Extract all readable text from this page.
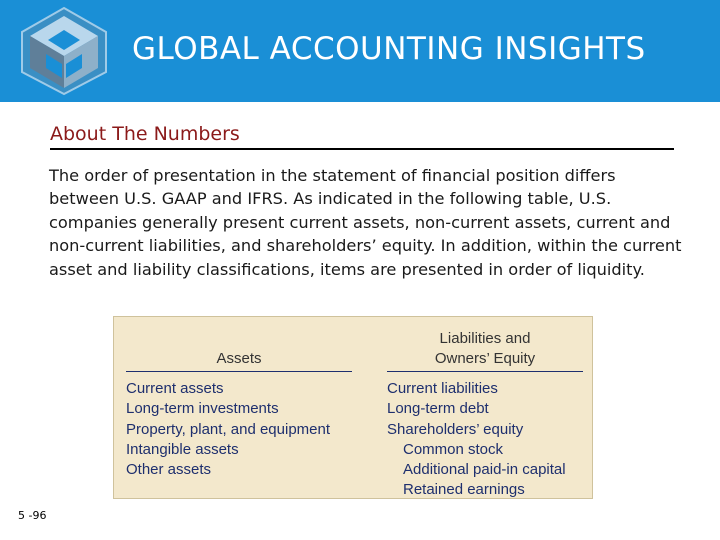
GLOBAL ACCOUNTING INSIGHTS
About The Numbers
The order of presentation in the statement of financial position differs between U.S. GAAP and IFRS. As indicated in the following table, U.S. companies generally present current assets, non-current assets, current and non-current liabilities, and shareholders’ equity. In addition, within the current asset and liability classifications, items are presented in order of liquidity.
Assets
Current assets
Long-term investments
Property, plant, and equipment
Intangible assets
Other assets
Liabilities and
Owners’ Equity
Current liabilities
Long-term debt
Shareholders’ equity
Common stock
Additional paid-in capital
Retained earnings
5 -96
